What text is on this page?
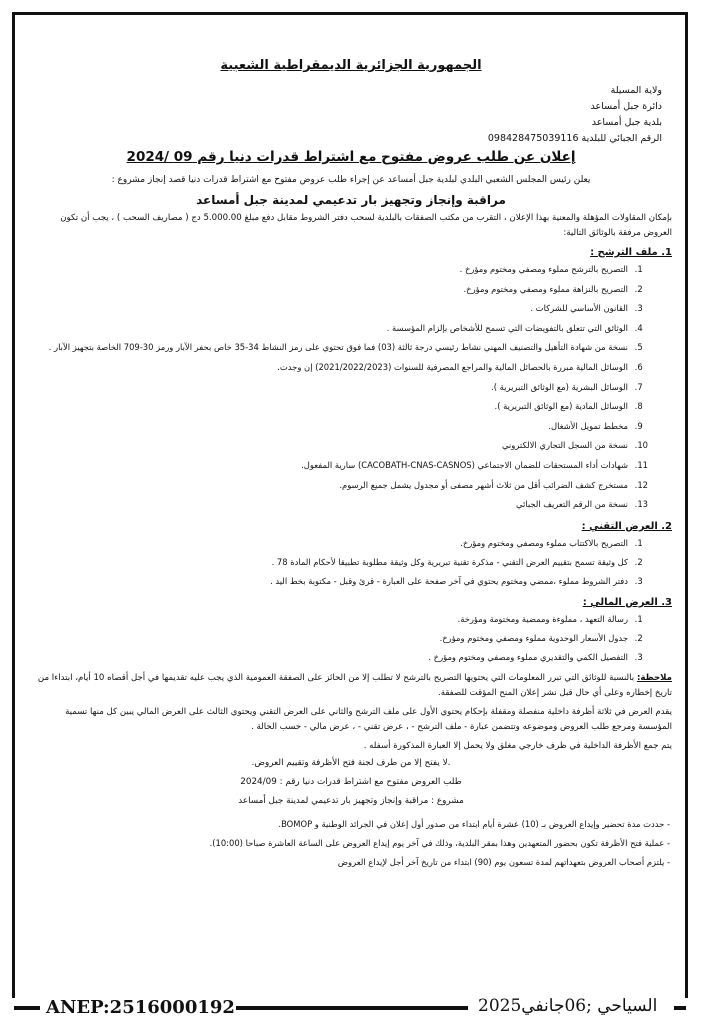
الجمهورية الجزائرية الديمقراطية الشعبية
ولاية المسيلة
دائرة جبل أمساعد
بلدية جبل أمساعد
الرقم الجبائي للبلدية 098428475039116
إعلان عن طلب عروض مفتوح مع اشتراط قدرات دنيا رقم 09 /2024
يعلن رئيس المجلس الشعبي البلدي لبلدية جبل أمساعد عن إجراء طلب عروض مفتوح مع اشتراط قدرات دنيا قصد إنجاز مشروع :
مراقبة وإنجاز وتجهيز بار تدعيمي لمدينة جبل أمساعد
بإمكان المقاولات المؤهلة والمعنية بهذا الإعلان ، التقرب من مكتب الصفقات بالبلدية لسحب دفتر الشروط مقابل دفع مبلغ 5.000.00 دج ( مصاريف السحب ) ، يجب أن تكون العروض مرفقة بالوثائق التالية:
1. ملف الترشح :
1. التصريح بالترشح مملوء ومصفي ومختوم ومؤرخ .
2. التصريح بالنزاهة مملوء ومصفي ومختوم ومؤرخ.
3. القانون الأساسي للشركات .
4. الوثائق التي تتعلق بالتفويضات التي تسمح للأشخاص بإلزام المؤسسة .
5. نسخة من شهادة التأهيل والتصنيف المهني نشاط رئيسي درجة ثالثة (03) فما فوق تحتوي على رمز النشاط 34-35 خاص بحفر الآبار ورمز 30-709 الخاصة بتجهيز الآبار .
6. الوسائل المالية مبررة بالحصائل المالية والمراجع المصرفية للسنوات (2021/2022/2023) إن وجدت.
7. الوسائل البشرية (مع الوثائق التبريرية ).
8. الوسائل المادية (مع الوثائق التبريرية ).
9. مخطط تمويل الأشغال.
10. نسخة من السجل التجاري الالكتروني
11. شهادات أداء المستحقات للضمان الاجتماعي (CACOBATH-CNAS-CASNOS) سارية المفعول.
12. مستخرج كشف الضرائب أقل من ثلاث أشهر مصفى أو مجدول يشمل جميع الرسوم.
13. نسخة من الرقم التعريف الجبائي
2. العرض التقني :
1. التصريح بالاكتتاب مملوء ومصفي ومختوم ومؤرخ.
2. كل وثيقة تسمح بتقييم العرض التقني - مذكرة تقنية تبريرية وكل وثيقة مطلوبة تطبيقا لأحكام المادة 78 .
3. دفتر الشروط مملوء ،ممضي ومختوم يحتوي في آخر صفحة على العبارة - قرئ وقبل - مكتوبة بخط اليد .
3. العرض المالي :
1. رسالة التعهد ، مملوءة وممضية ومختومة ومؤرخة.
2. جدول الأسعار الوحدوية مملوء ومصفي ومختوم ومؤرخ.
3. التفصيل الكمي والتقديري مملوء ومصفي ومختوم ومؤرخ .
ملاحظة: بالنسبة للوثائق التي تبرر المعلومات التي يحتويها التصريح بالترشح لا تطلب إلا من الحائز على الصفقة العمومية الذي يجب عليه تقديمها في أجل أقصاه 10 أيام، ابتداءا من تاريخ إخطاره وعلى أي حال قبل نشر إعلان المنح المؤقت للصفقة.
يقدم العرض في ثلاثة أظرفة داخلية منفصلة ومقفلة بإحكام يحتوي الأول على ملف الترشح والثاني على العرض التقني ويحتوي الثالث على العرض المالي يبين كل منها تسمية المؤسسة ومرجع طلب العروض وموضوعه وتتضمن عبارة - ملف الترشح - ، عرض تقني - ، عرض مالي - حسب الحالة .
يتم جمع الأظرفة الداخلية في ظرف خارجي مغلق ولا يحمل إلا العبارة المذكورة أسفله .
.لا يفتح إلا من طرف لجنة فتح الأظرفة وتقييم العروض.
طلب العروض مفتوح مع اشتراط قدرات دنيا رقم : 2024/09
مشروع : مراقبة وإنجاز وتجهيز بار تدعيمي لمدينة جبل أمساعد
- حددت مدة تحضير وإيداع العروض بـ (10) عشرة أيام ابتداء من صدور أول إعلان في الجرائد الوطنية و BOMOP.
- عملية فتح الأظرفة تكون بحضور المتعهدين وهذا بمقر البلدية، وذلك في آخر يوم إيداع العروض على الساعة العاشرة صباحا (10:00).
- يلتزم أصحاب العروض بتعهداتهم لمدة تسعون يوم (90) ابتداء من تاريخ آخر أجل لإيداع العروض
ANEP:2516000192	السياحي ;06جانفي2025
